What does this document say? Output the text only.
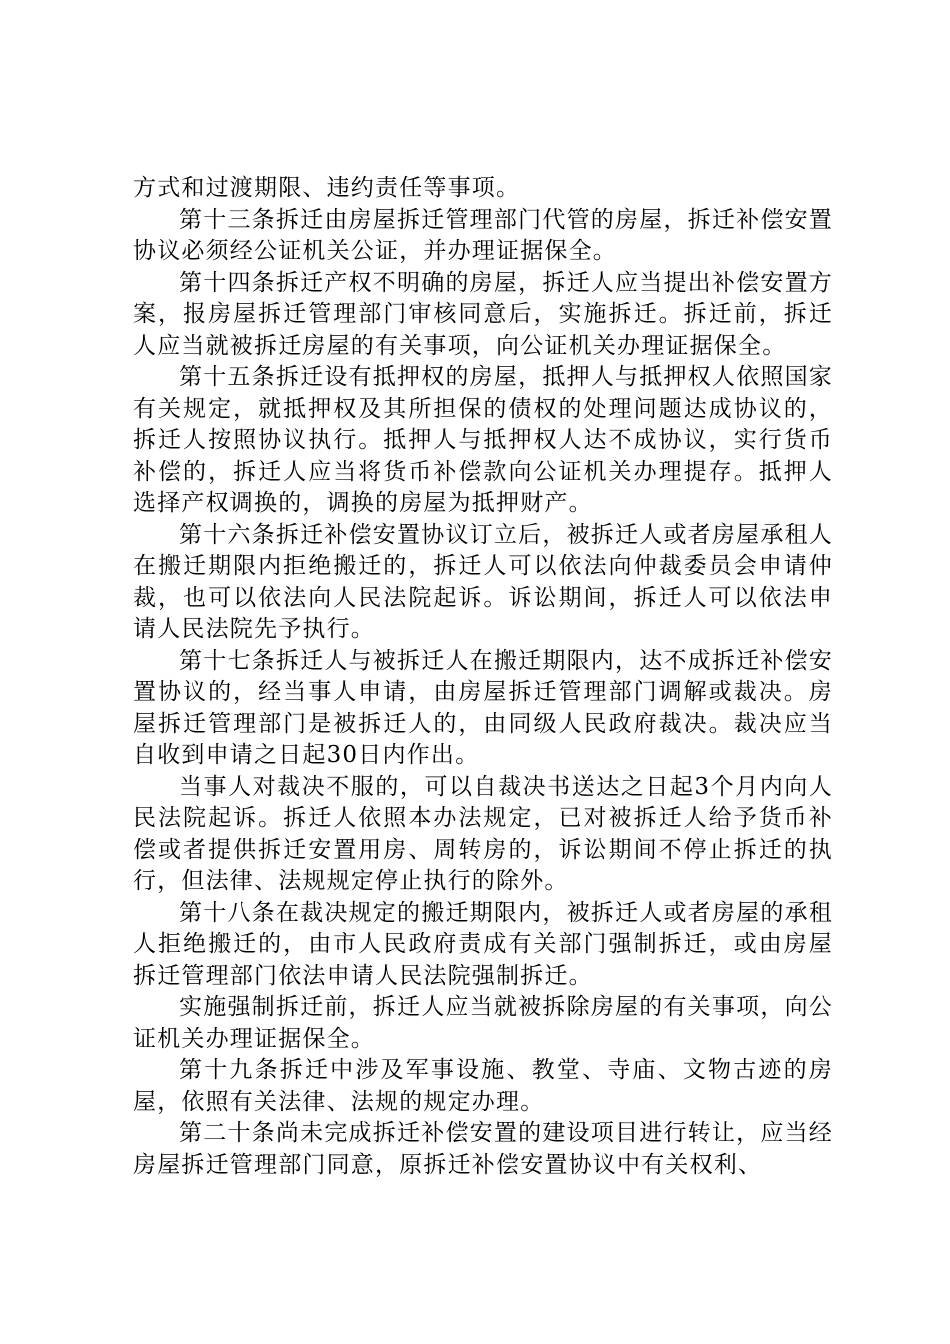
方式和过渡期限、违约责任等事项。

第十三条拆迁由房屋拆迁管理部门代管的房屋，拆迁补偿安置协议必须经公证机关公证，并办理证据保全。

第十四条拆迁产权不明确的房屋，拆迁人应当提出补偿安置方案，报房屋拆迁管理部门审核同意后，实施拆迁。拆迁前，拆迁人应当就被拆迁房屋的有关事项，向公证机关办理证据保全。

第十五条拆迁设有抵押权的房屋，抵押人与抵押权人依照国家有关规定，就抵押权及其所担保的债权的处理问题达成协议的，拆迁人按照协议执行。抵押人与抵押权人达不成协议，实行货币补偿的，拆迁人应当将货币补偿款向公证机关办理提存。抵押人选择产权调换的，调换的房屋为抵押财产。

第十六条拆迁补偿安置协议订立后，被拆迁人或者房屋承租人在搬迁期限内拒绝搬迁的，拆迁人可以依法向仲裁委员会申请仲裁，也可以依法向人民法院起诉。诉讼期间，拆迁人可以依法申请人民法院先予执行。

第十七条拆迁人与被拆迁人在搬迁期限内，达不成拆迁补偿安置协议的，经当事人申请，由房屋拆迁管理部门调解或裁决。房屋拆迁管理部门是被拆迁人的，由同级人民政府裁决。裁决应当自收到申请之日起30日内作出。

当事人对裁决不服的，可以自裁决书送达之日起3个月内向人民法院起诉。拆迁人依照本办法规定，已对被拆迁人给予货币补偿或者提供拆迁安置用房、周转房的，诉讼期间不停止拆迁的执行，但法律、法规规定停止执行的除外。

第十八条在裁决规定的搬迁期限内，被拆迁人或者房屋的承租人拒绝搬迁的，由市人民政府责成有关部门强制拆迁，或由房屋拆迁管理部门依法申请人民法院强制拆迁。

实施强制拆迁前，拆迁人应当就被拆除房屋的有关事项，向公证机关办理证据保全。

第十九条拆迁中涉及军事设施、教堂、寺庙、文物古迹的房屋，依照有关法律、法规的规定办理。

第二十条尚未完成拆迁补偿安置的建设项目进行转让，应当经房屋拆迁管理部门同意，原拆迁补偿安置协议中有关权利、
